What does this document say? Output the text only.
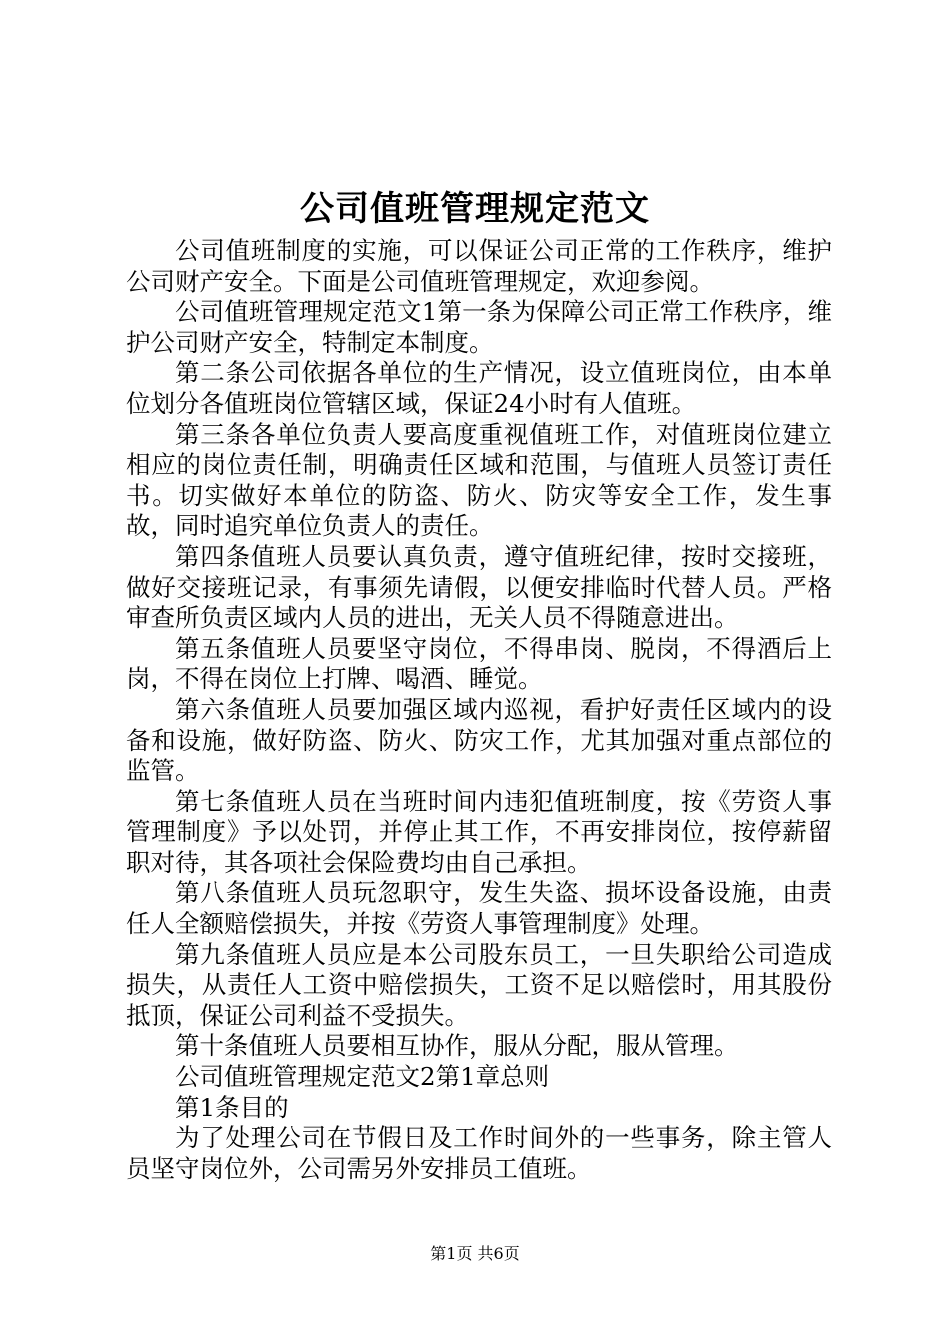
公司值班管理规定范文

公司值班制度的实施，可以保证公司正常的工作秩序，维护公司财产安全。下面是公司值班管理规定，欢迎参阅。

公司值班管理规定范文1第一条为保障公司正常工作秩序，维护公司财产安全，特制定本制度。

第二条公司依据各单位的生产情况，设立值班岗位，由本单位划分各值班岗位管辖区域，保证24小时有人值班。

第三条各单位负责人要高度重视值班工作，对值班岗位建立相应的岗位责任制，明确责任区域和范围，与值班人员签订责任书。切实做好本单位的防盗、防火、防灾等安全工作，发生事故，同时追究单位负责人的责任。

第四条值班人员要认真负责，遵守值班纪律，按时交接班，做好交接班记录，有事须先请假，以便安排临时代替人员。严格审查所负责区域内人员的进出，无关人员不得随意进出。

第五条值班人员要坚守岗位，不得串岗、脱岗，不得酒后上岗，不得在岗位上打牌、喝酒、睡觉。

第六条值班人员要加强区域内巡视，看护好责任区域内的设备和设施，做好防盗、防火、防灾工作，尤其加强对重点部位的监管。

第七条值班人员在当班时间内违犯值班制度，按《劳资人事管理制度》予以处罚，并停止其工作，不再安排岗位，按停薪留职对待，其各项社会保险费均由自己承担。

第八条值班人员玩忽职守，发生失盗、损坏设备设施，由责任人全额赔偿损失，并按《劳资人事管理制度》处理。

第九条值班人员应是本公司股东员工，一旦失职给公司造成损失，从责任人工资中赔偿损失，工资不足以赔偿时，用其股份抵顶，保证公司利益不受损失。

第十条值班人员要相互协作，服从分配，服从管理。

公司值班管理规定范文2第1章总则

第1条目的

为了处理公司在节假日及工作时间外的一些事务，除主管人员坚守岗位外，公司需另外安排员工值班。

第1页 共6页
